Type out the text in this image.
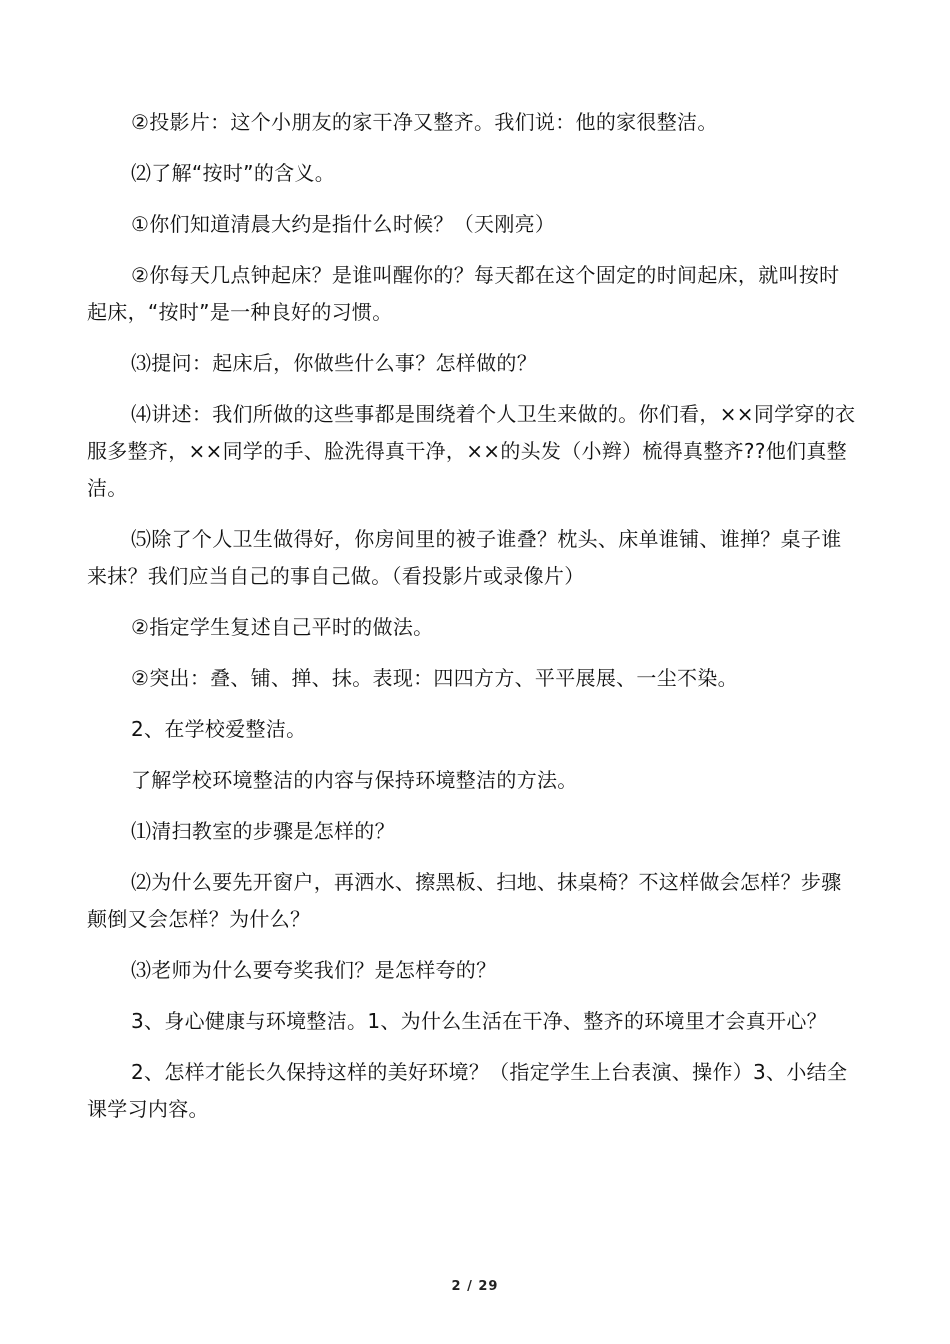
②投影片：这个小朋友的家干净又整齐。我们说：他的家很整洁。

⑵了解“按时”的含义。

①你们知道清晨大约是指什么时候？（天刚亮）

②你每天几点钟起床？是谁叫醒你的？每天都在这个固定的时间起床，就叫按时起床，“按时”是一种良好的习惯。

⑶提问：起床后，你做些什么事？怎样做的？

⑷讲述：我们所做的这些事都是围绕着个人卫生来做的。你们看，××同学穿的衣服多整齐，××同学的手、脸洗得真干净，××的头发（小辫）梳得真整齐??他们真整洁。

⑸除了个人卫生做得好，你房间里的被子谁叠？枕头、床单谁铺、谁掸？桌子谁来抹？我们应当自己的事自己做。（看投影片或录像片）

②指定学生复述自己平时的做法。

②突出：叠、铺、掸、抹。表现：四四方方、平平展展、一尘不染。

2、在学校爱整洁。

了解学校环境整洁的内容与保持环境整洁的方法。

⑴清扫教室的步骤是怎样的？

⑵为什么要先开窗户，再洒水、擦黑板、扫地、抹桌椅？不这样做会怎样？步骤颠倒又会怎样？为什么？

⑶老师为什么要夸奖我们？是怎样夸的？

3、身心健康与环境整洁。1、为什么生活在干净、整齐的环境里才会真开心？

2、怎样才能长久保持这样的美好环境？（指定学生上台表演、操作）3、小结全课学习内容。

2 / 29
